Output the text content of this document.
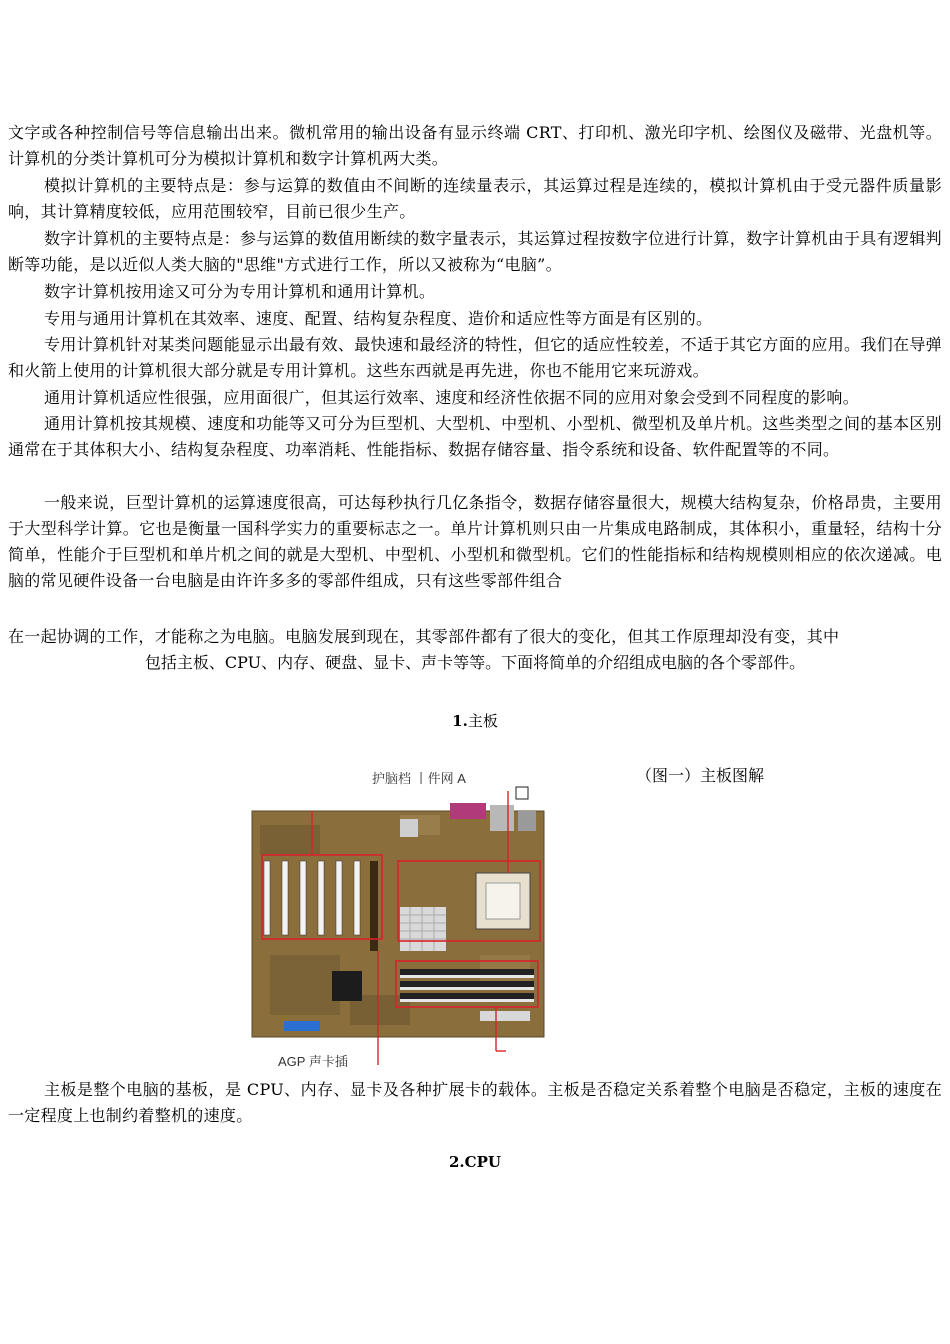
文字或各种控制信号等信息输出出来。微机常用的输出设备有显示终端 CRT、打印机、激光印字机、绘图仪及磁带、光盘机等。计算机的分类计算机可分为模拟计算机和数字计算机两大类。

模拟计算机的主要特点是：参与运算的数值由不间断的连续量表示，其运算过程是连续的，模拟计算机由于受元器件质量影响，其计算精度较低，应用范围较窄，目前已很少生产。

数字计算机的主要特点是：参与运算的数值用断续的数字量表示，其运算过程按数字位进行计算，数字计算机由于具有逻辑判断等功能，是以近似人类大脑的"思维"方式进行工作，所以又被称为“电脑”。

数字计算机按用途又可分为专用计算机和通用计算机。

专用与通用计算机在其效率、速度、配置、结构复杂程度、造价和适应性等方面是有区别的。

专用计算机针对某类问题能显示出最有效、最快速和最经济的特性，但它的适应性较差，不适于其它方面的应用。我们在导弹和火箭上使用的计算机很大部分就是专用计算机。这些东西就是再先进，你也不能用它来玩游戏。

通用计算机适应性很强，应用面很广，但其运行效率、速度和经济性依据不同的应用对象会受到不同程度的影响。

通用计算机按其规模、速度和功能等又可分为巨型机、大型机、中型机、小型机、微型机及单片机。这些类型之间的基本区别通常在于其体积大小、结构复杂程度、功率消耗、性能指标、数据存储容量、指令系统和设备、软件配置等的不同。

一般来说，巨型计算机的运算速度很高，可达每秒执行几亿条指令，数据存储容量很大，规模大结构复杂，价格昂贵，主要用于大型科学计算。它也是衡量一国科学实力的重要标志之一。单片计算机则只由一片集成电路制成，其体积小，重量轻，结构十分简单，性能介于巨型机和单片机之间的就是大型机、中型机、小型机和微型机。它们的性能指标和结构规模则相应的依次递减。电脑的常见硬件设备一台电脑是由许许多多的零部件组成，只有这些零部件组合

在一起协调的工作，才能称之为电脑。电脑发展到现在，其零部件都有了很大的变化，但其工作原理却没有变，其中

包括主板、CPU、内存、硬盘、显卡、声卡等等。下面将简单的介绍组成电脑的各个零部件。
1.主板
（图一）主板图解
护脑档 丨件网 A
AGP 声卡插

主板是整个电脑的基板，是 CPU、内存、显卡及各种扩展卡的载体。主板是否稳定关系着整个电脑是否稳定，主板的速度在一定程度上也制约着整机的速度。

2.CPU
